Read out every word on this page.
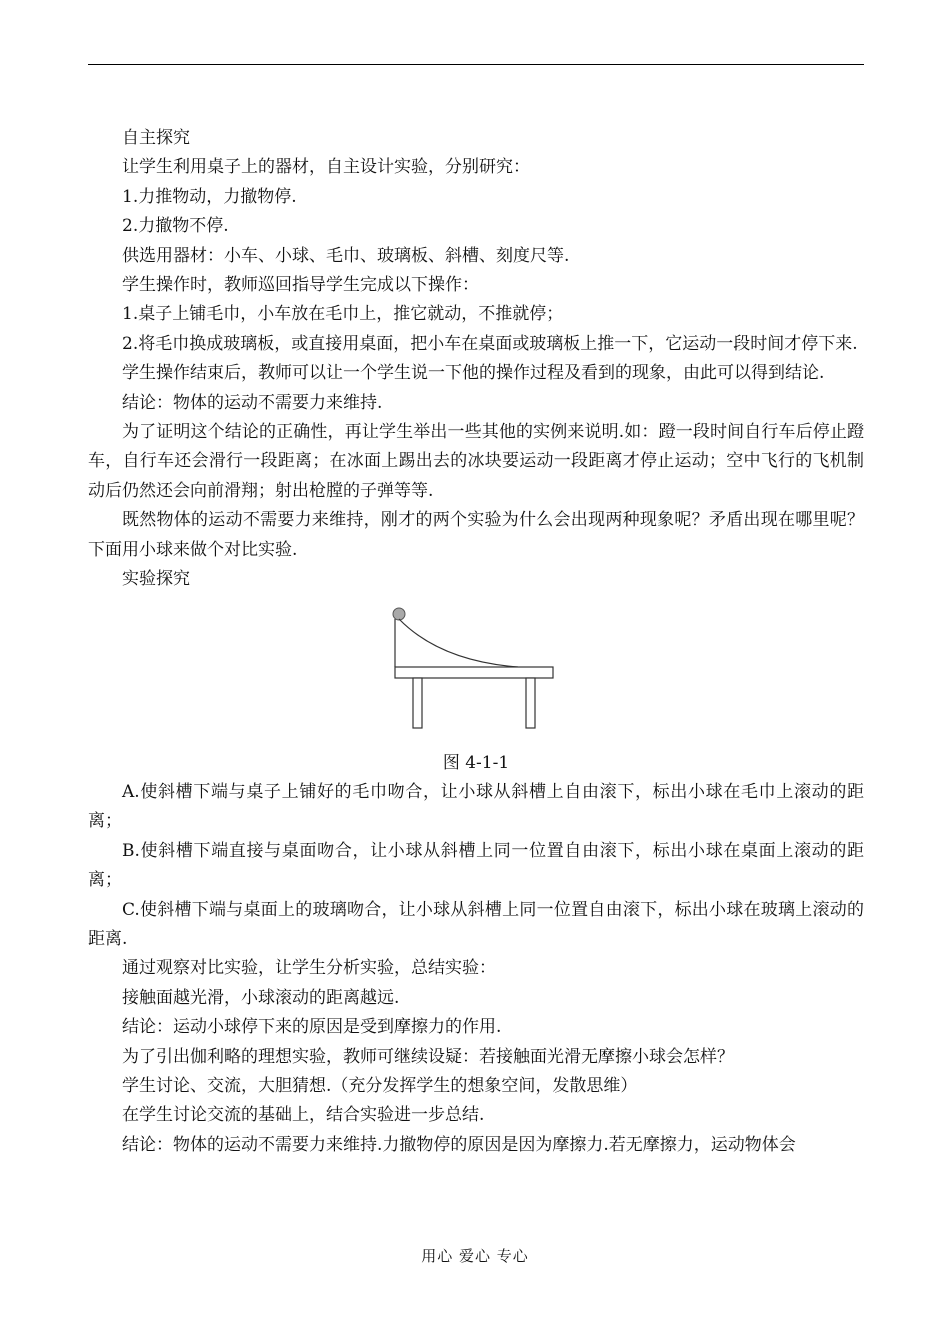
自主探究

让学生利用桌子上的器材，自主设计实验，分别研究：

1.力推物动，力撤物停.

2.力撤物不停.

供选用器材：小车、小球、毛巾、玻璃板、斜槽、刻度尺等.

学生操作时，教师巡回指导学生完成以下操作：

1.桌子上铺毛巾，小车放在毛巾上，推它就动，不推就停；

2.将毛巾换成玻璃板，或直接用桌面，把小车在桌面或玻璃板上推一下，它运动一段时间才停下来.

学生操作结束后，教师可以让一个学生说一下他的操作过程及看到的现象，由此可以得到结论.

结论：物体的运动不需要力来维持.

为了证明这个结论的正确性，再让学生举出一些其他的实例来说明.如：蹬一段时间自行车后停止蹬车，自行车还会滑行一段距离；在冰面上踢出去的冰块要运动一段距离才停止运动；空中飞行的飞机制动后仍然还会向前滑翔；射出枪膛的子弹等等.

既然物体的运动不需要力来维持，刚才的两个实验为什么会出现两种现象呢？矛盾出现在哪里呢？下面用小球来做个对比实验.

实验探究

图 4-1-1

A.使斜槽下端与桌子上铺好的毛巾吻合，让小球从斜槽上自由滚下，标出小球在毛巾上滚动的距离；

B.使斜槽下端直接与桌面吻合，让小球从斜槽上同一位置自由滚下，标出小球在桌面上滚动的距离；

C.使斜槽下端与桌面上的玻璃吻合，让小球从斜槽上同一位置自由滚下，标出小球在玻璃上滚动的距离.

通过观察对比实验，让学生分析实验，总结实验：

接触面越光滑，小球滚动的距离越远.

结论：运动小球停下来的原因是受到摩擦力的作用.

为了引出伽利略的理想实验，教师可继续设疑：若接触面光滑无摩擦小球会怎样？

学生讨论、交流，大胆猜想.（充分发挥学生的想象空间，发散思维）

在学生讨论交流的基础上，结合实验进一步总结.

结论：物体的运动不需要力来维持.力撤物停的原因是因为摩擦力.若无摩擦力，运动物体会

用心 爱心 专心
